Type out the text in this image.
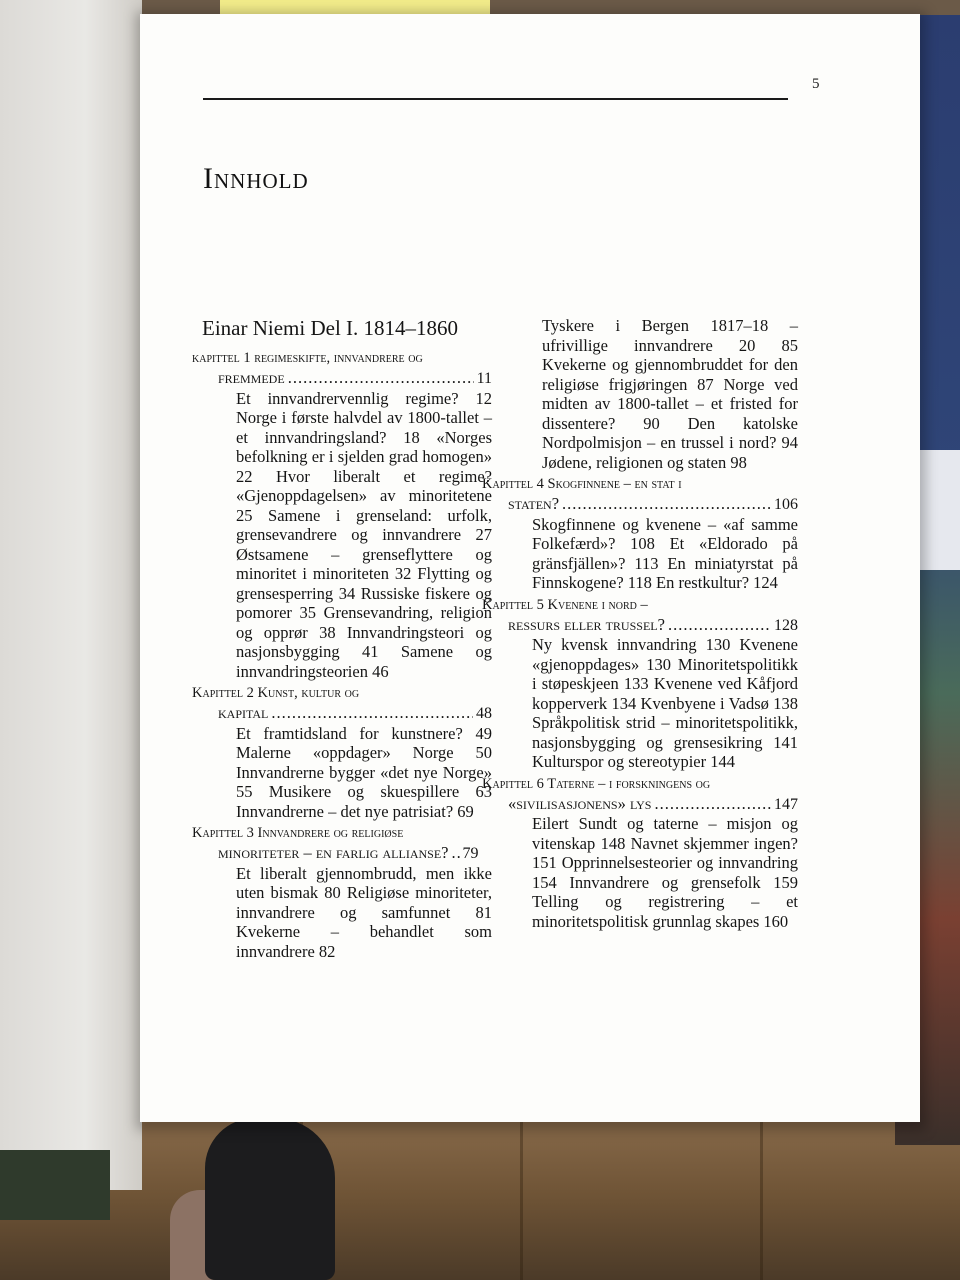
5
Innhold
Einar Niemi Del I. 1814–1860
kapittel 1 regimeskifte, innvandrere og
fremmede .....	11
Et innvandrervennlig regime? 12 Norge i første halvdel av 1800-tallet – et innvandringsland? 18 «Norges befolkning er i sjelden grad homogen» 22 Hvor liberalt et regime? «Gjenoppdagelsen» av minoritetene 25 Samene i grenseland: urfolk, grensevandrere og innvandrere 27 Østsamene – grenseflyttere og minoritet i minoriteten 32 Flytting og grensesperring 34 Russiske fiskere og pomorer 35 Grensevandring, religion og opprør 38 Innvandringsteori og nasjonsbygging 41 Samene og innvandringsteorien 46
Kapittel 2 Kunst, kultur og
kapital .....	48
Et framtidsland for kunstnere? 49 Malerne «oppdager» Norge 50 Innvandrerne bygger «det nye Norge» 55 Musikere og skuespillere 63 Innvandrerne – det nye patrisiat? 69
Kapittel 3 Innvandrere og religiøse
minoriteter – en farlig allianse? ..... 79
Et liberalt gjennombrudd, men ikke uten bismak 80 Religiøse minoriteter, innvandrere og samfunnet 81 Kvekerne – behandlet som innvandrere 82
Tyskere i Bergen 1817–18 – ufrivillige innvandrere 20 85 Kvekerne og gjennombruddet for den religiøse frigjøringen 87 Norge ved midten av 1800-tallet – et fristed for dissentere? 90 Den katolske Nordpolmisjon – en trussel i nord? 94 Jødene, religionen og staten 98
Kapittel 4 Skogfinnene – en stat i
staten? .....	106
Skogfinnene og kvenene – «af samme Folkefærd»? 108 Et «Eldorado på gränsfjällen»? 113 En miniatyrstat på Finnskogene? 118 En restkultur? 124
Kapittel 5 Kvenene i nord –
ressurs eller trussel? .....	128
Ny kvensk innvandring 130 Kvenene «gjenoppdages» 130 Minoritetspolitikk i støpeskjeen 133 Kvenene ved Kåfjord kopperverk 134 Kvenbyene i Vadsø 138 Språkpolitisk strid – minoritetspolitikk, nasjonsbygging og grensesikring 141 Kulturspor og stereotypier 144
Kapittel 6 Taterne – i forskningens og
«sivilisasjonens» lys .....	147
Eilert Sundt og taterne – misjon og vitenskap 148 Navnet skjemmer ingen? 151 Opprinnelsesteorier og innvandring 154 Innvandrere og grensefolk 159 Telling og registrering – et minoritetspolitisk grunnlag skapes 160
